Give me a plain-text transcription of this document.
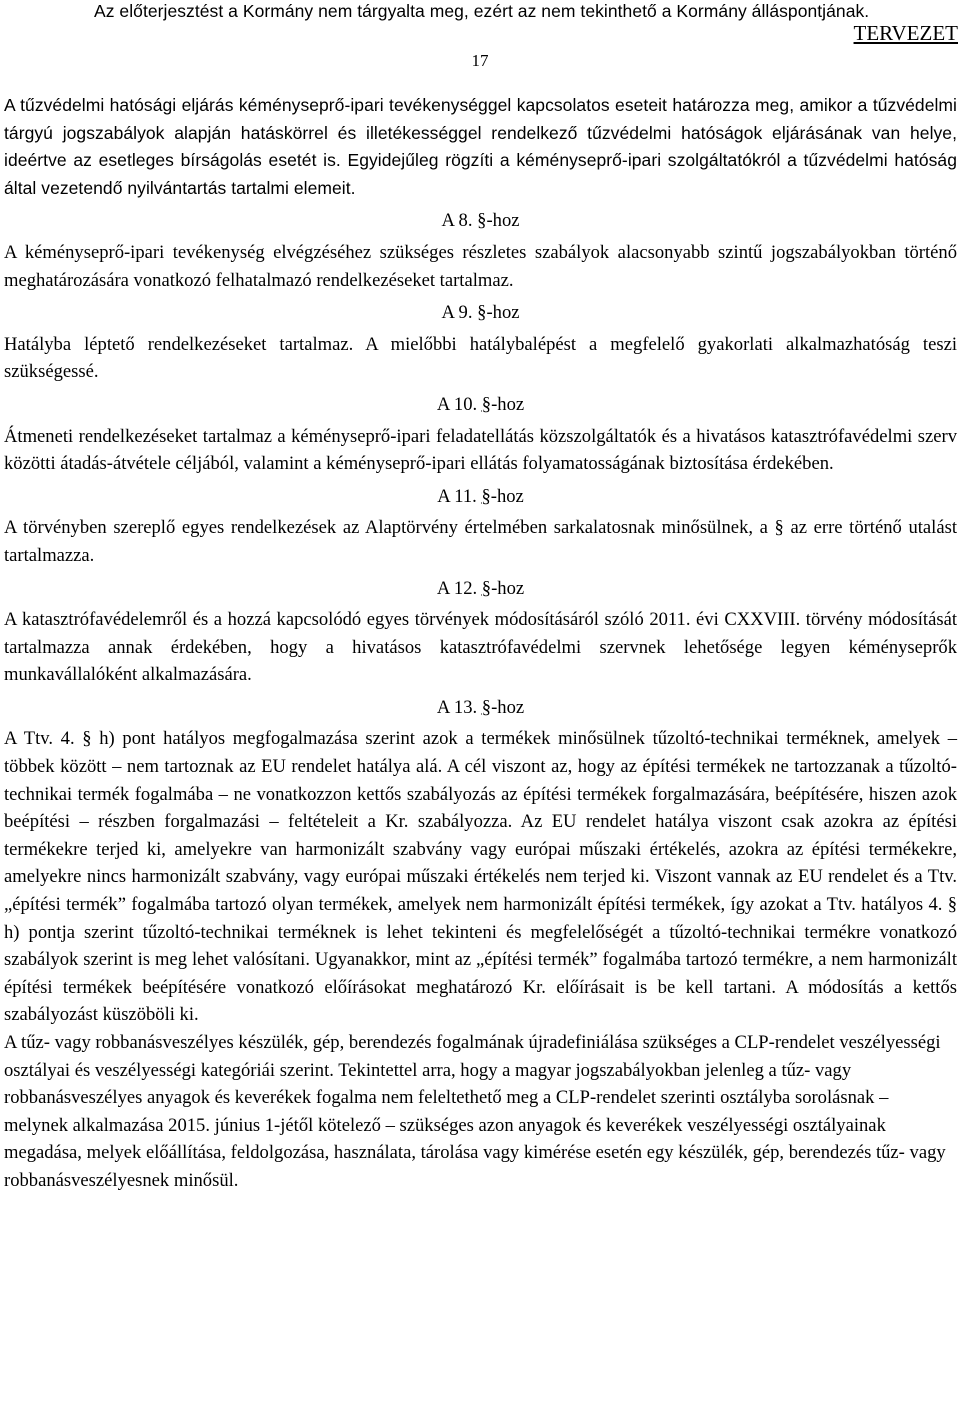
Az előterjesztést a Kormány nem tárgyalta meg, ezért az nem tekinthető a Kormány álláspontjának.
TERVEZET
17

A tűzvédelmi hatósági eljárás kéményseprő-ipari tevékenységgel kapcsolatos eseteit határozza meg, amikor a tűzvédelmi tárgyú jogszabályok alapján hatáskörrel és illetékességgel rendelkező tűzvédelmi hatóságok eljárásának van helye, ideértve az esetleges bírságolás esetét is. Egyidejűleg rögzíti a kéményseprő-ipari szolgáltatókról a tűzvédelmi hatóság által vezetendő nyilvántartás tartalmi elemeit.

A 8. §-hoz

A kéményseprő-ipari tevékenység elvégzéséhez szükséges részletes szabályok alacsonyabb szintű jogszabályokban történő meghatározására vonatkozó felhatalmazó rendelkezéseket tartalmaz.

A 9. §-hoz

Hatályba léptető rendelkezéseket tartalmaz. A mielőbbi hatálybalépést a megfelelő gyakorlati alkalmazhatóság teszi szükségessé.

A 10. §-hoz

Átmeneti rendelkezéseket tartalmaz a kéményseprő-ipari feladatellátás közszolgáltatók és a hivatásos katasztrófavédelmi szerv közötti átadás-átvétele céljából, valamint a kéményseprő-ipari ellátás folyamatosságának biztosítása érdekében.

A 11. §-hoz

A törvényben szereplő egyes rendelkezések az Alaptörvény értelmében sarkalatosnak minősülnek, a § az erre történő utalást tartalmazza.

A 12. §-hoz

A katasztrófavédelemről és a hozzá kapcsolódó egyes törvények módosításáról szóló 2011. évi CXXVIII. törvény módosítását tartalmazza annak érdekében, hogy a hivatásos katasztrófavédelmi szervnek lehetősége legyen kéményseprők munkavállalóként alkalmazására.

A 13. §-hoz

A Ttv. 4. § h) pont hatályos megfogalmazása szerint azok a termékek minősülnek tűzoltó-technikai terméknek, amelyek – többek között – nem tartoznak az EU rendelet hatálya alá. A cél viszont az, hogy az építési termékek ne tartozzanak a tűzoltó-technikai termék fogalmába – ne vonatkozzon kettős szabályozás az építési termékek forgalmazására, beépítésére, hiszen azok beépítési – részben forgalmazási – feltételeit a Kr. szabályozza. Az EU rendelet hatálya viszont csak azokra az építési termékekre terjed ki, amelyekre van harmonizált szabvány vagy európai műszaki értékelés, azokra az építési termékekre, amelyekre nincs harmonizált szabvány, vagy európai műszaki értékelés nem terjed ki. Viszont vannak az EU rendelet és a Ttv. „építési termék” fogalmába tartozó olyan termékek, amelyek nem harmonizált építési termékek, így azokat a Ttv. hatályos 4. § h) pontja szerint tűzoltó-technikai terméknek is lehet tekinteni és megfelelőségét a tűzoltó-technikai termékre vonatkozó szabályok szerint is meg lehet valósítani. Ugyanakkor, mint az „építési termék” fogalmába tartozó termékre, a nem harmonizált építési termékek beépítésére vonatkozó előírásokat meghatározó Kr. előírásait is be kell tartani. A módosítás a kettős szabályozást küszöböli ki.

A tűz- vagy robbanásveszélyes készülék, gép, berendezés fogalmának újradefiniálása szükséges a CLP-rendelet veszélyességi osztályai és veszélyességi kategóriái szerint. Tekintettel arra, hogy a magyar jogszabályokban jelenleg a tűz- vagy robbanásveszélyes anyagok és keverékek fogalma nem feleltethető meg a CLP-rendelet szerinti osztályba sorolásnak – melynek alkalmazása 2015. június 1-jétől kötelező – szükséges azon anyagok és keverékek veszélyességi osztályainak megadása, melyek előállítása, feldolgozása, használata, tárolása vagy kimérése esetén egy készülék, gép, berendezés tűz- vagy robbanásveszélyesnek minősül.
